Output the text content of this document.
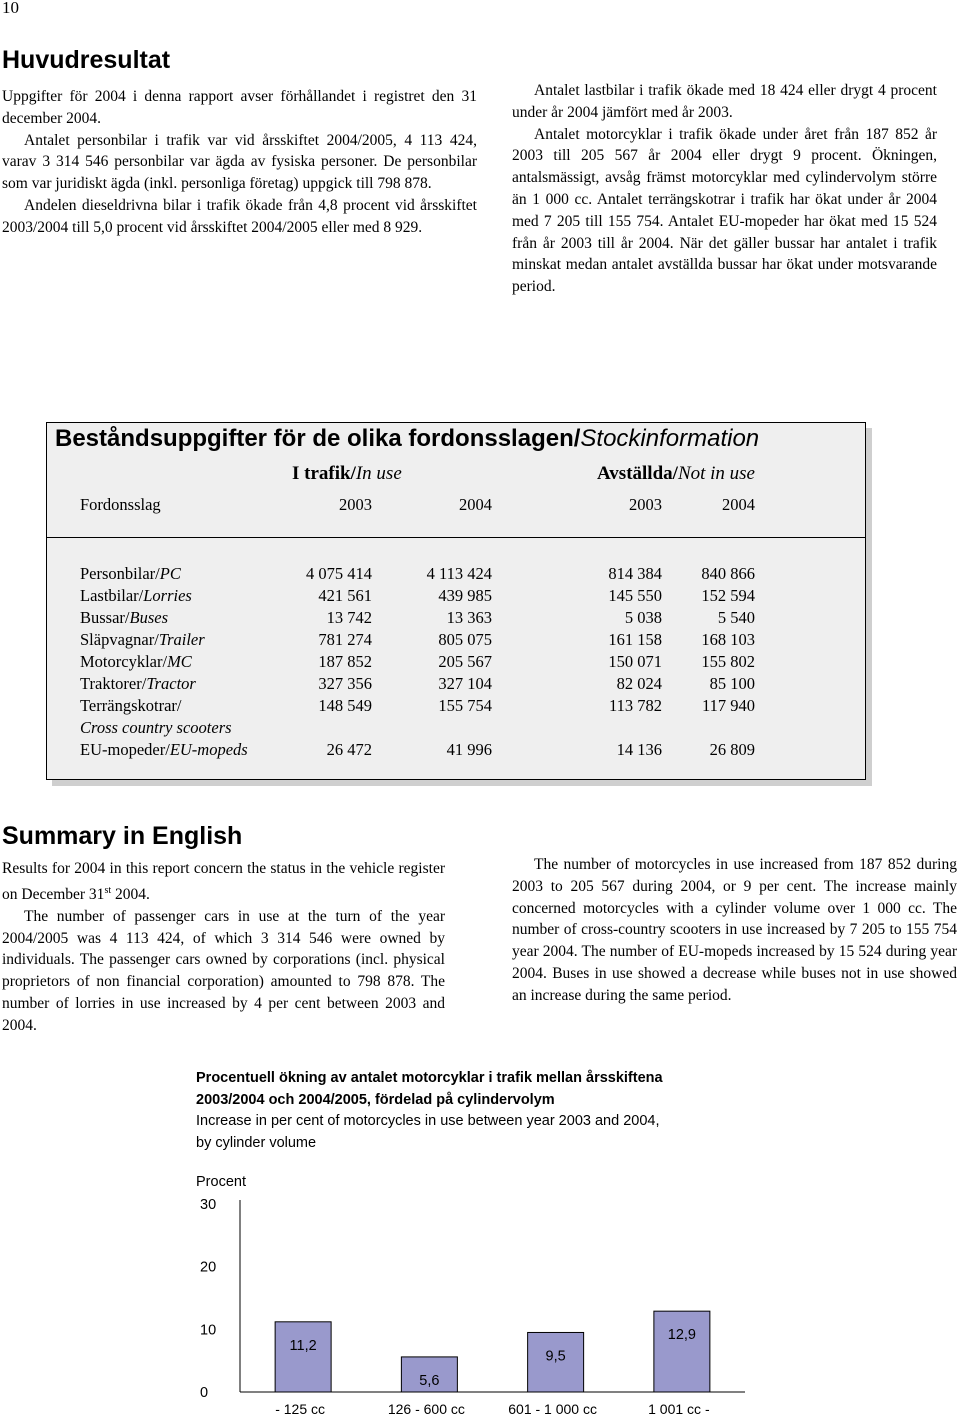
10
Huvudresultat

Uppgifter för 2004 i denna rapport avser förhållandet i registret den 31 december 2004.

Antalet personbilar i trafik var vid årsskiftet 2004/2005, 4 113 424, varav 3 314 546 personbilar var ägda av fysiska personer. De personbilar som var juridiskt ägda (inkl. personliga företag) uppgick till 798 878.

Andelen dieseldrivna bilar i trafik ökade från 4,8 procent vid årsskiftet 2003/2004 till 5,0 procent vid årsskiftet 2004/2005 eller med 8 929.

Antalet lastbilar i trafik ökade med 18 424 eller drygt 4 procent under år 2004 jämfört med år 2003.

Antalet motorcyklar i trafik ökade under året från 187 852 år 2003 till 205 567 år 2004 eller drygt 9 procent. Ökningen, antalsmässigt, avsåg främst motorcyklar med cylindervolym större än 1 000 cc. Antalet terrängskotrar i trafik har ökat under år 2004 med 7 205 till 155 754. Antalet EU-mopeder har ökat med 15 524 från år 2003 till år 2004. När det gäller bussar har antalet i trafik minskat medan antalet avställda bussar har ökat under motsvarande period.

Beståndsuppgifter för de olika fordonsslagen/Stockinformation
I trafik/In use	Avställda/Not in use
Fordonsslag	2003	2004	2003	2004
Personbilar/PC	4 075 414	4 113 424	814 384	840 866
Lastbilar/Lorries	421 561	439 985	145 550	152 594
Bussar/Buses	13 742	13 363	5 038	5 540
Släpvagnar/Trailer	781 274	805 075	161 158	168 103
Motorcyklar/MC	187 852	205 567	150 071	155 802
Traktorer/Tractor	327 356	327 104	82 024	85 100
Terrängskotrar/	148 549	155 754	113 782	117 940
Cross country scooters
EU-mopeder/EU-mopeds	26 472	41 996	14 136	26 809
Summary in English

Results for 2004 in this report concern the status in the vehicle register on December 31st 2004.

The number of passenger cars in use at the turn of the year 2004/2005 was 4 113 424, of which 3 314 546 were owned by individuals. The passenger cars owned by corporations (incl. physical proprietors of non financial corporation) amounted to 798 878. The number of lorries in use increased by 4 per cent between 2003 and 2004.

The number of motorcycles in use increased from 187 852 during 2003 to 205 567 during 2004, or 9 per cent. The increase mainly concerned motorcycles with a cylinder volume over 1 000 cc. The number of cross-country scooters in use increased by 7 205 to 155 754 year 2004. The number of EU-mopeds increased by 15 524 during year 2004. Buses in use showed a decrease while buses not in use showed an increase during the same period.

Procentuell ökning av antalet motorcyklar i trafik mellan årsskiftena
2003/2004 och 2004/2005, fördelad på cylindervolym
Increase in per cent of motorcycles in use between year 2003 and 2004,
by cylinder volume
Procent
0
10
20
30
11,2
- 125 cc
5,6
126 - 600 cc
9,5
601 - 1 000 cc
12,9
1 001 cc -
